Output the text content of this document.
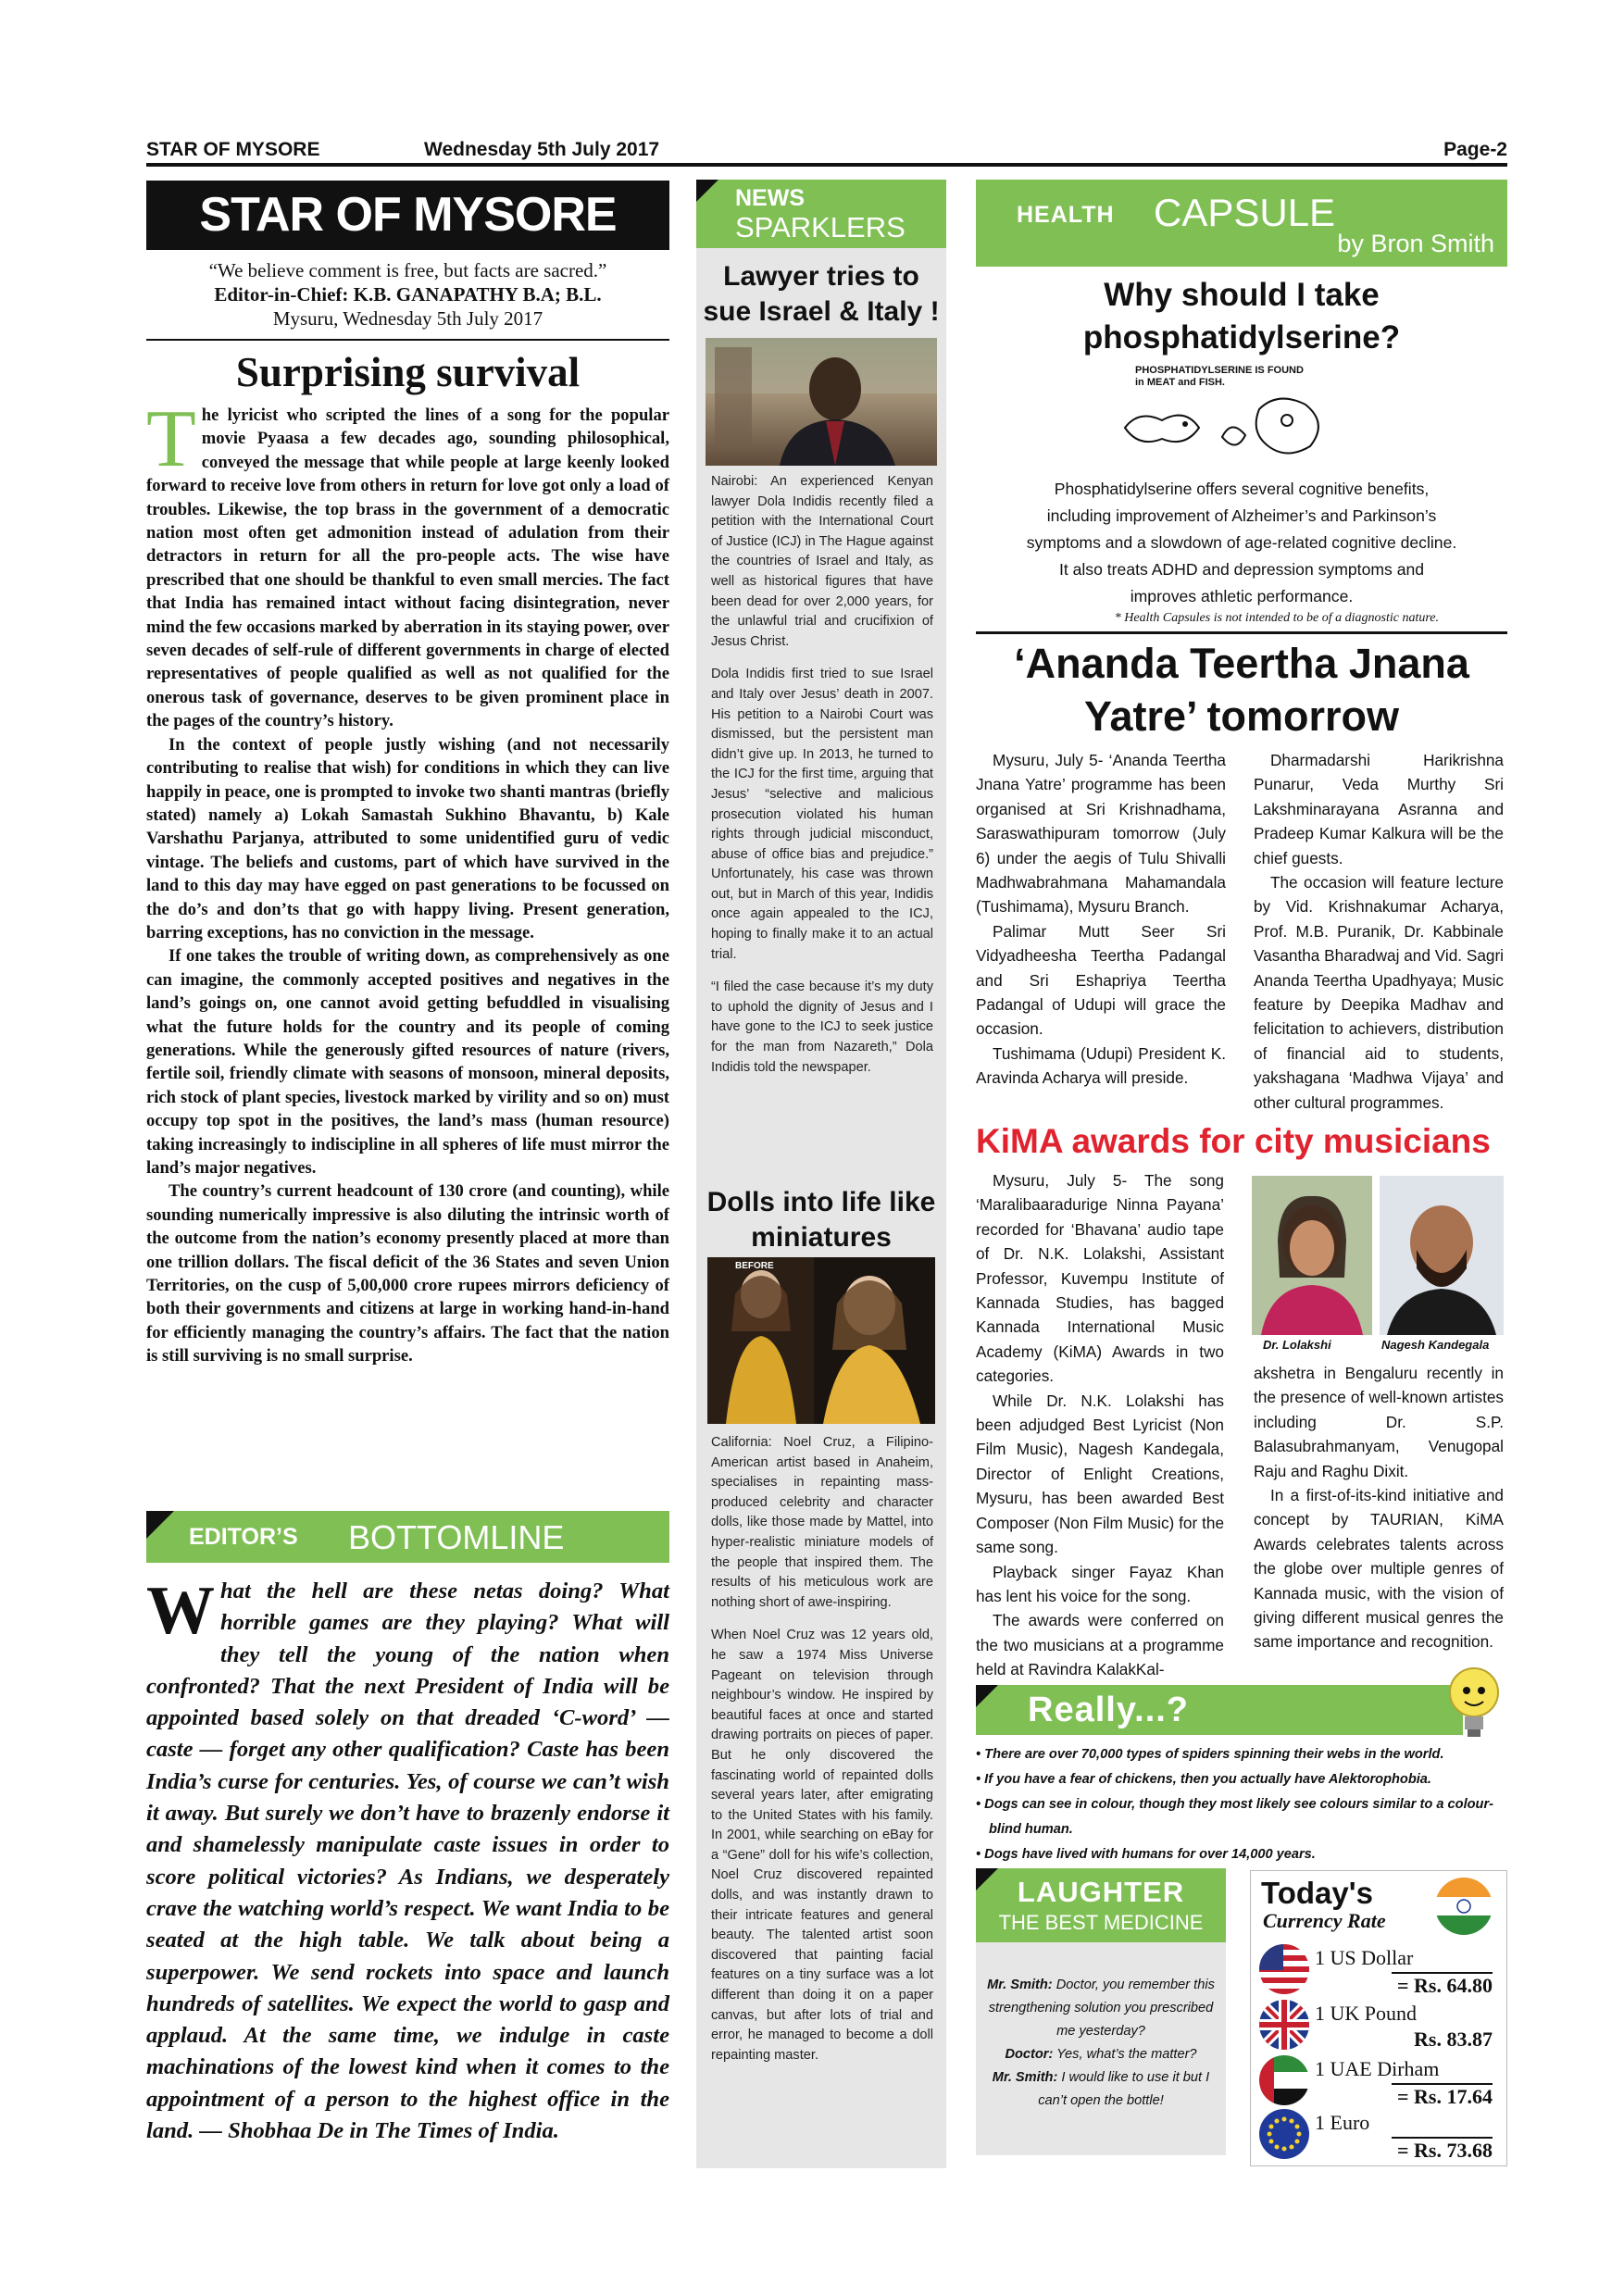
STAR OF MYSORE	Wednesday 5th July 2017	Page-2
STAR OF MYSORE
“We believe comment is free, but facts are sacred.”
Editor-in-Chief: K.B. GANAPATHY B.A; B.L.
Mysuru, Wednesday 5th July 2017
Surprising survival

The lyricist who scripted the lines of a song for the popular movie Pyaasa a few decades ago, sounding philosophical, conveyed the message that while people at large keenly looked forward to receive love from others in return for love got only a load of troubles. Likewise, the top brass in the government of a democratic nation most often get admonition instead of adulation from their detractors in return for all the pro-people acts. The wise have prescribed that one should be thankful to even small mercies. The fact that India has remained intact without facing disintegration, never mind the few occasions marked by aberration in its staying power, over seven decades of self-rule of different governments in charge of elected representatives of people qualified as well as not qualified for the onerous task of governance, deserves to be given prominent place in the pages of the country’s history.

In the context of people justly wishing (and not necessarily contributing to realise that wish) for conditions in which they can live happily in peace, one is prompted to invoke two shanti mantras (briefly stated) namely a) Lokah Samastah Sukhino Bhavantu, b) Kale Varshathu Parjanya, attributed to some unidentified guru of vedic vintage. The beliefs and customs, part of which have survived in the land to this day may have egged on past generations to be focussed on the do’s and don’ts that go with happy living. Present generation, barring exceptions, has no conviction in the message.

If one takes the trouble of writing down, as comprehensively as one can imagine, the commonly accepted positives and negatives in the land’s goings on, one cannot avoid getting befuddled in visualising what the future holds for the country and its people of coming generations. While the generously gifted resources of nature (rivers, fertile soil, friendly climate with seasons of monsoon, mineral deposits, rich stock of plant species, livestock marked by virility and so on) must occupy top spot in the positives, the land’s mass (human resource) taking increasingly to indiscipline in all spheres of life must mirror the land’s major negatives.

The country’s current headcount of 130 crore (and counting), while sounding numerically impressive is also diluting the intrinsic worth of the outcome from the nation’s economy presently placed at more than one trillion dollars. The fiscal deficit of the 36 States and seven Union Territories, on the cusp of 5,00,000 crore rupees mirrors deficiency of both their governments and citizens at large in working hand-in-hand for efficiently managing the country’s affairs. The fact that the nation is still surviving is no small surprise.

EDITOR’S BOTTOMLINE
What the hell are these netas doing? What horrible games are they playing? What will they tell the young of the nation when confronted? That the next President of India will be appointed based solely on that dreaded ‘C-word’ — caste — forget any other qualification? Caste has been India’s curse for centuries. Yes, of course we can’t wish it away. But surely we don’t have to brazenly endorse it and shamelessly manipulate caste issues in order to score political victories? As Indians, we desperately crave the watching world’s respect. We want India to be seated at the high table. We talk about being a superpower. We send rockets into space and launch hundreds of satellites. We expect the world to gasp and applaud. At the same time, we indulge in caste machinations of the lowest kind when it comes to the appointment of a person to the highest office in the land. — Shobhaa De in The Times of India.
NEWS
SPARKLERS
Lawyer tries to sue Israel & Italy !

Nairobi: An experienced Kenyan lawyer Dola Indidis recently filed a petition with the International Court of Justice (ICJ) in The Hague against the countries of Israel and Italy, as well as historical figures that have been dead for over 2,000 years, for the unlawful trial and crucifixion of Jesus Christ.

Dola Indidis first tried to sue Israel and Italy over Jesus’ death in 2007. His petition to a Nairobi Court was dismissed, but the persistent man didn’t give up. In 2013, he turned to the ICJ for the first time, arguing that Jesus’ “selective and malicious prosecution violated his human rights through judicial misconduct, abuse of office bias and prejudice.” Unfortunately, his case was thrown out, but in March of this year, Indidis once again appealed to the ICJ, hoping to finally make it to an actual trial.

“I filed the case because it’s my duty to uphold the dignity of Jesus and I have gone to the ICJ to seek justice for the man from Nazareth,” Dola Indidis told the newspaper.

Dolls into life like miniatures
BEFORE

California: Noel Cruz, a Filipino-American artist based in Anaheim, specialises in repainting mass-produced celebrity and character dolls, like those made by Mattel, into hyper-realistic miniature models of the people that inspired them. The results of his meticulous work are nothing short of awe-inspiring.

When Noel Cruz was 12 years old, he saw a 1974 Miss Universe Pageant on television through neighbour’s window. He inspired by beautiful faces at once and started drawing portraits on pieces of paper. But he only discovered the fascinating world of repainted dolls several years later, after emigrating to the United States with his family. In 2001, while searching on eBay for a “Gene” doll for his wife’s collection, Noel Cruz discovered repainted dolls, and was instantly drawn to their intricate features and general beauty. The talented artist soon discovered that painting facial features on a tiny surface was a lot different than doing it on a paper canvas, but after lots of trial and error, he managed to become a doll repainting master.

HEALTH CAPSULE
by Bron Smith
Why should I take phosphatidylserine?
PHOSPHATIDYLSERINE IS FOUND in MEAT and FISH.
Phosphatidylserine offers several cognitive benefits, including improvement of Alzheimer’s and Parkinson’s symptoms and a slowdown of age-related cognitive decline. It also treats ADHD and depression symptoms and improves athletic performance.
* Health Capsules is not intended to be of a diagnostic nature.
‘Ananda Teertha Jnana Yatre’ tomorrow

Mysuru, July 5- ‘Ananda Teertha Jnana Yatre’ programme has been organised at Sri Krishnadhama, Saraswathipuram tomorrow (July 6) under the aegis of Tulu Shivalli Madhwabrahmana Mahamandala (Tushimama), Mysuru Branch.

Palimar Mutt Seer Sri Vidyadheesha Teertha Padangal and Sri Eshapriya Teertha Padangal of Udupi will grace the occasion.

Tushimama (Udupi) President K. Aravinda Acharya will preside.

Dharmadarshi Harikrishna Punarur, Veda Murthy Sri Lakshminarayana Asranna and Pradeep Kumar Kalkura will be the chief guests.

The occasion will feature lecture by Vid. Krishnakumar Acharya, Prof. M.B. Puranik, Dr. Kabbinale Vasantha Bharadwaj and Vid. Sagri Ananda Teertha Upadhyaya; Music feature by Deepika Madhav and felicitation to achievers, distribution of financial aid to students, yakshagana ‘Madhwa Vijaya’ and other cultural programmes.

KiMA awards for city musicians

Mysuru, July 5- The song ‘Maralibaaradurige Ninna Payana’ recorded for ‘Bhavana’ audio tape of Dr. N.K. Lolakshi, Assistant Professor, Kuvempu Institute of Kannada Studies, has bagged Kannada International Music Academy (KiMA) Awards in two categories.

While Dr. N.K. Lolakshi has been adjudged Best Lyricist (Non Film Music), Nagesh Kandegala, Director of Enlight Creations, Mysuru, has been awarded Best Composer (Non Film Music) for the same song.

Playback singer Fayaz Khan has lent his voice for the song.

The awards were conferred on the two musicians at a programme held at Ravindra KalakKal-

Dr. Lolakshi	Nagesh Kandegala

akshetra in Bengaluru recently in the presence of well-known artistes including Dr. S.P. Balasubrahmanyam, Venugopal Raju and Raghu Dixit.

In a first-of-its-kind initiative and concept by TAURIAN, KiMA Awards celebrates talents across the globe over multiple genres of Kannada music, with the vision of giving different musical genres the same importance and recognition.

Really...?
• There are over 70,000 types of spiders spinning their webs in the world.
• If you have a fear of chickens, then you actually have Alektorophobia.
• Dogs can see in colour, though they most likely see colours similar to a colour-blind human.
• Dogs have lived with humans for over 14,000 years.
LAUGHTER
THE BEST MEDICINE
Mr. Smith: Doctor, you remember this strengthening solution you prescribed me yesterday?
Doctor: Yes, what’s the matter?
Mr. Smith: I would like to use it but I can’t open the bottle!
Today's
Currency Rate
1 US Dollar
= Rs. 64.80
1 UK Pound
Rs. 83.87
1 UAE Dirham
= Rs. 17.64
1 Euro
= Rs. 73.68
